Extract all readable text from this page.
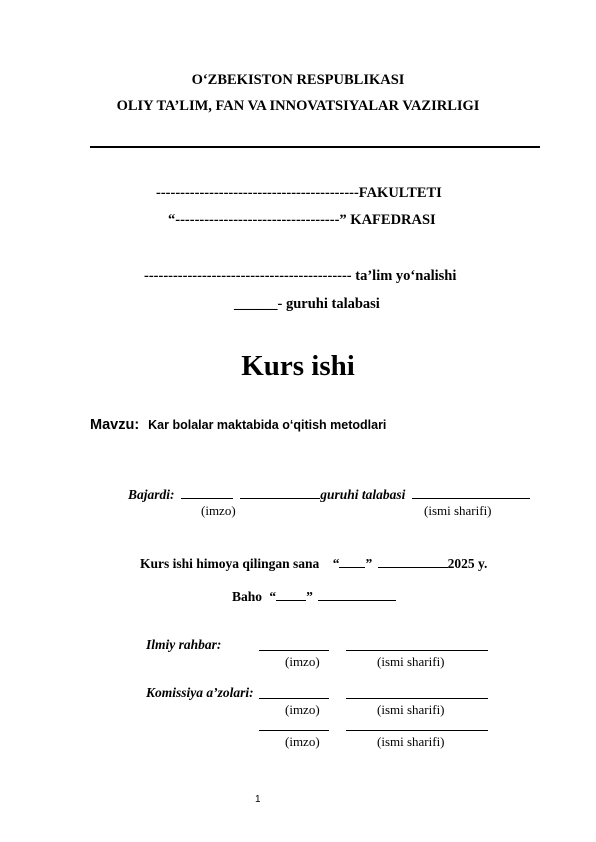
O‘ZBEKISTON RESPUBLIKASI
OLIY TA’LIM, FAN VA INNOVATSIYALAR VAZIRLIGI
------------------------------------------FAKULTETI
“----------------------------------” KAFEDRASI
------------------------------------------- ta’lim yo‘nalishi
______- guruhi talabasi
Kurs ishi
Mavzu: Kar bolalar maktabida o‘qitish metodlari
Bajardi:	guruhi talabasi
(imzo)	(ismi sharifi)
Kurs ishi himoya qilingan sana “ ”	2025 y.
Baho “ ”
Ilmiy rahbar:
(imzo)	(ismi sharifi)
Komissiya a’zolari:
(imzo)	(ismi sharifi)
(imzo)	(ismi sharifi)
1
